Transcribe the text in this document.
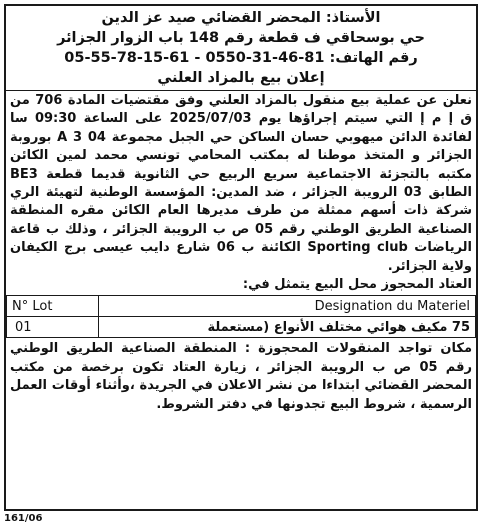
الأستاذ: المحضر القضائي صيد عز الدين
حي بوسحاقي ف قطعة رقم 148 باب الزوار الجزائر
رقم الهاتف: 81-46-31-0550 - 61-15-78-55-05
إعلان بيع بالمزاد العلني

نعلن عن عملية بيع منقول بالمزاد العلني وفق مقتضيات المادة 706 من ق إ م إ التي سيتم إجراؤها يوم 2025/07/03 على الساعة 09:30 سا لفائدة الدائن ميهوبي حسان الساكن حي الجبل مجموعة 04 A 3 بوروبة الجزائر و المتخذ موطنا له بمكتب المحامي تونسي محمد لمين الكائن مكتبه بالتجزئة الاجتماعية سريع الربيع حي الثانوية قديما قطعة BE3 الطابق 03 الرويبة الجزائر ، ضد المدين: المؤسسة الوطنية لتهيئة الري شركة ذات أسهم ممثلة من طرف مديرها العام الكائن مقره المنطقة الصناعية الطريق الوطني رقم 05 ص ب الرويبة الجزائر ، وذلك ب قاعة الرياضات Sporting club الكائنة ب 06 شارع دايب عيسى برج الكيفان ولاية الجزائر.

العتاد المحجوز محل البيع يتمثل في:

N° Lot	Designation du Materiel
01	75 مكيف هوائي مختلف الأنواع (مستعملة

مكان تواجد المنقولات المحجوزة : المنطقة الصناعية الطريق الوطني رقم 05 ص ب الرويبة الجزائر ، زيارة العتاد تكون برخصة من مكتب المحضر القضائي ابتداءا من نشر الاعلان في الجريدة ،وأثناء أوقات العمل الرسمية ، شروط البيع تجدونها في دفتر الشروط.

161/06
